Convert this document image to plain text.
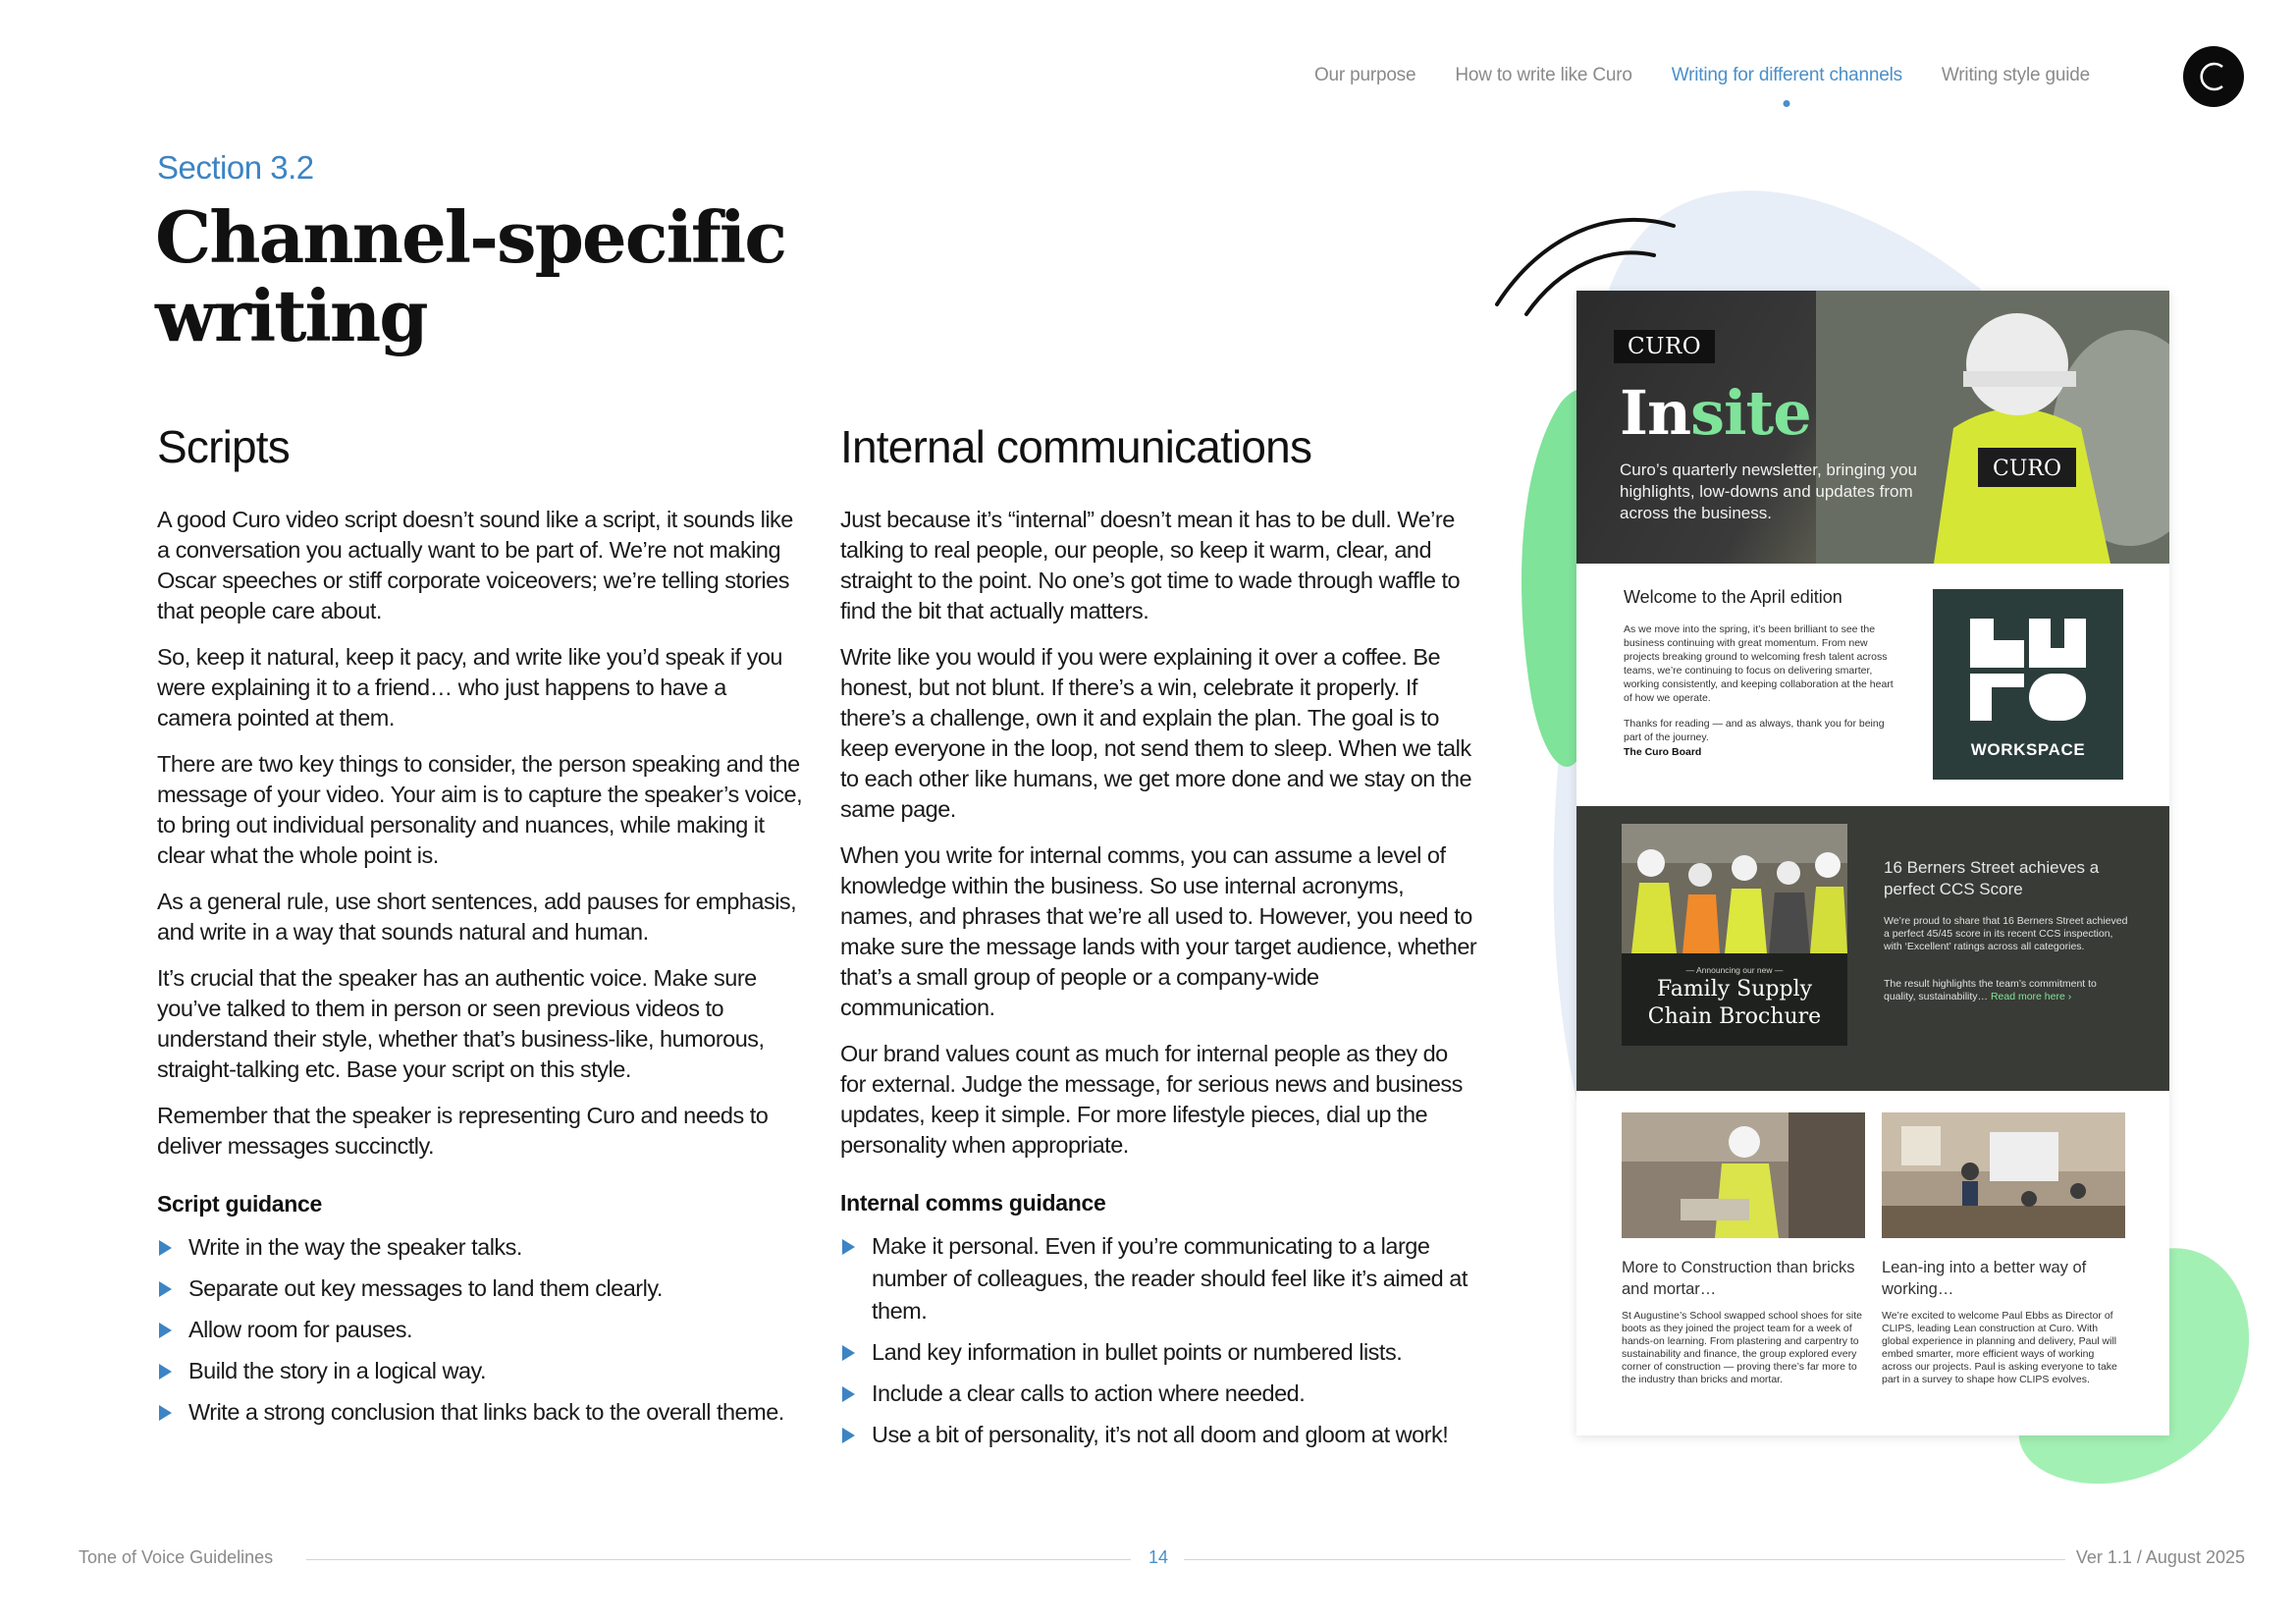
Our purpose How to write like Curo Writing for different channels Writing style guide
Section 3.2
Channel-specific writing
Scripts

A good Curo video script doesn’t sound like a script, it sounds like a conversation you actually want to be part of. We’re not making Oscar speeches or stiff corporate voiceovers; we’re telling stories that people care about.

So, keep it natural, keep it pacy, and write like you’d speak if you were explaining it to a friend… who just happens to have a camera pointed at them.

There are two key things to consider, the person speaking and the message of your video. Your aim is to capture the speaker’s voice, to bring out individual personality and nuances, while making it clear what the whole point is.

As a general rule, use short sentences, add pauses for emphasis, and write in a way that sounds natural and human.

It’s crucial that the speaker has an authentic voice. Make sure you’ve talked to them in person or seen previous videos to understand their style, whether that’s business-like, humorous, straight-talking etc. Base your script on this style.

Remember that the speaker is representing Curo and needs to deliver messages succinctly.

Script guidance
Write in the way the speaker talks.
Separate out key messages to land them clearly.
Allow room for pauses.
Build the story in a logical way.
Write a strong conclusion that links back to the overall theme.
Internal communications

Just because it’s “internal” doesn’t mean it has to be dull. We’re talking to real people, our people, so keep it warm, clear, and straight to the point. No one’s got time to wade through waffle to find the bit that actually matters.

Write like you would if you were explaining it over a coffee. Be honest, but not blunt. If there’s a win, celebrate it properly. If there’s a challenge, own it and explain the plan. The goal is to keep everyone in the loop, not send them to sleep. When we talk to each other like humans, we get more done and we stay on the same page.

When you write for internal comms, you can assume a level of knowledge within the business. So use internal acronyms, names, and phrases that we’re all used to. However, you need to make sure the message lands with your target audience, whether that’s a small group of people or a company-wide communication.

Our brand values count as much for internal people as they do for external. Judge the message, for serious news and business updates, keep it simple. For more lifestyle pieces, dial up the personality when appropriate.

Internal comms guidance
Make it personal. Even if you’re communicating to a large number of colleagues, the reader should feel like it’s aimed at them.
Land key information in bullet points or numbered lists.
Include a clear calls to action where needed.
Use a bit of personality, it’s not all doom and gloom at work!
CURO
CURO
Insite
Curo’s quarterly newsletter, bringing you highlights, low-downs and updates from across the business.
Welcome to the April edition
As we move into the spring, it’s been brilliant to see the business continuing with great momentum. From new projects breaking ground to welcoming fresh talent across teams, we’re continuing to focus on delivering smarter, working consistently, and keeping collaboration at the heart of how we operate.
Thanks for reading — and as always, thank you for being part of the journey.
The Curo Board	WORKSPACE
— Announcing our new —
Family Supply
Chain Brochure
16 Berners Street achieves a perfect CCS Score
We’re proud to share that 16 Berners Street achieved a perfect 45/45 score in its recent CCS inspection, with ‘Excellent’ ratings across all categories.
The result highlights the team’s commitment to quality, sustainability… Read more here ›
More to Construction than bricks and mortar…

St Augustine’s School swapped school shoes for site boots as they joined the project team for a week of hands-on learning. From plastering and carpentry to sustainability and finance, the group explored every corner of construction — proving there’s far more to the industry than bricks and mortar.

Lean-ing into a better way of working…

We’re excited to welcome Paul Ebbs as Director of CLIPS, leading Lean construction at Curo. With global experience in planning and delivery, Paul will embed smarter, more efficient ways of working across our projects. Paul is asking everyone to take part in a survey to shape how CLIPS evolves.

Tone of Voice Guidelines	14	Ver 1.1 / August 2025
